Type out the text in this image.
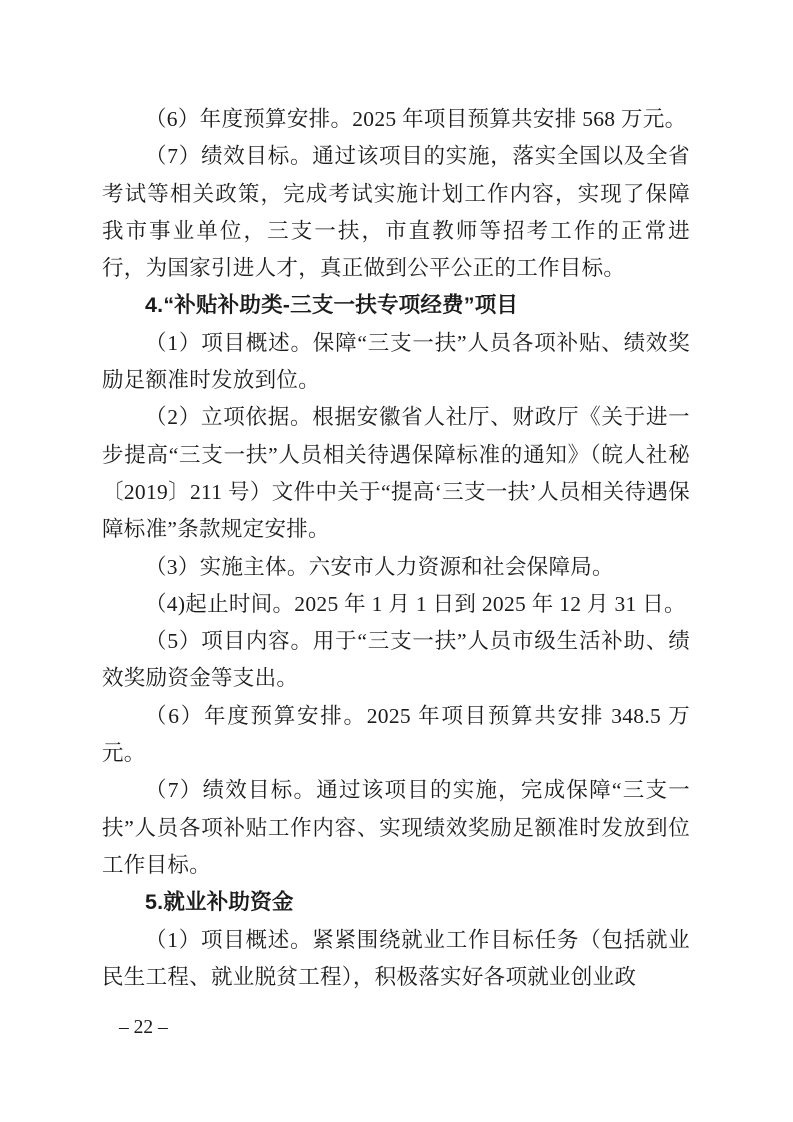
（6）年度预算安排。2025 年项目预算共安排 568 万元。

（7）绩效目标。通过该项目的实施，落实全国以及全省考试等相关政策，完成考试实施计划工作内容，实现了保障我市事业单位，三支一扶，市直教师等招考工作的正常进行，为国家引进人才，真正做到公平公正的工作目标。

4.“补贴补助类-三支一扶专项经费”项目

（1）项目概述。保障“三支一扶”人员各项补贴、绩效奖励足额准时发放到位。

（2）立项依据。根据安徽省人社厅、财政厅《关于进一步提高“三支一扶”人员相关待遇保障标准的通知》（皖人社秘〔2019〕211 号）文件中关于“提高‘三支一扶’人员相关待遇保障标准”条款规定安排。

（3）实施主体。六安市人力资源和社会保障局。

（4)起止时间。2025 年 1 月 1 日到 2025 年 12 月 31 日。

（5）项目内容。用于“三支一扶”人员市级生活补助、绩效奖励资金等支出。

（6）年度预算安排。2025 年项目预算共安排 348.5 万元。

（7）绩效目标。通过该项目的实施，完成保障“三支一扶”人员各项补贴工作内容、实现绩效奖励足额准时发放到位工作目标。

5.就业补助资金

（1）项目概述。紧紧围绕就业工作目标任务（包括就业民生工程、就业脱贫工程），积极落实好各项就业创业政

– 22 –
